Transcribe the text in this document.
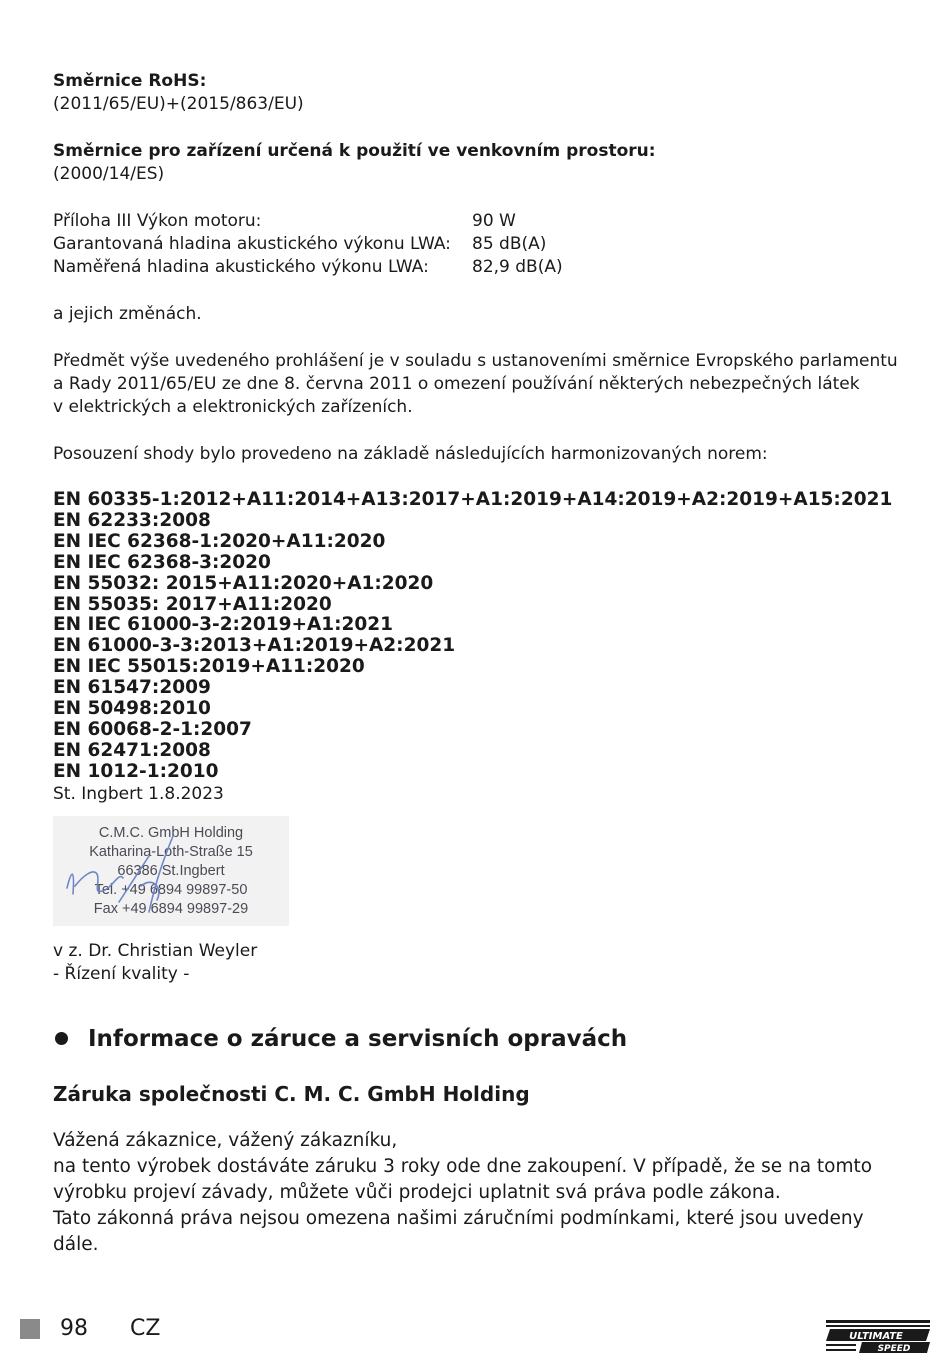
Směrnice RoHS:

(2011/65/EU)+(2015/863/EU)

Směrnice pro zařízení určená k použití ve venkovním prostoru:

(2000/14/ES)

Příloha III Výkon motoru:	90 W
Garantovaná hladina akustického výkonu LWA:	85 dB(A)
Naměřená hladina akustického výkonu LWA:	82,9 dB(A)

a jejich změnách.

Předmět výše uvedeného prohlášení je v souladu s ustanoveními směrnice Evropského parlamentu

a Rady 2011/65/EU ze dne 8. června 2011 o omezení používání některých nebezpečných látek

v elektrických a elektronických zařízeních.

Posouzení shody bylo provedeno na základě následujících harmonizovaných norem:

EN 60335-1:2012+A11:2014+A13:2017+A1:2019+A14:2019+A2:2019+A15:2021
EN 62233:2008
EN IEC 62368-1:2020+A11:2020
EN IEC 62368-3:2020
EN 55032: 2015+A11:2020+A1:2020
EN 55035: 2017+A11:2020
EN IEC 61000-3-2:2019+A1:2021
EN 61000-3-3:2013+A1:2019+A2:2021
EN IEC 55015:2019+A11:2020
EN 61547:2009
EN 50498:2010
EN 60068-2-1:2007
EN 62471:2008
EN 1012-1:2010

St. Ingbert 1.8.2023

C.M.C. GmbH Holding
Katharina-Loth-Straße 15
66386 St.Ingbert
Tel. +49 6894 99897-50
Fax +49 6894 99897-29

v z. Dr. Christian Weyler

- Řízení kvality -

Informace o záruce a servisních opravách
Záruka společnosti C. M. C. GmbH Holding
Vážená zákaznice, vážený zákazníku,
na tento výrobek dostáváte záruku 3 roky ode dne zakoupení. V případě, že se na tomto
výrobku projeví závady, můžete vůči prodejci uplatnit svá práva podle zákona.
Tato zákonná práva nejsou omezena našimi záručními podmínkami, které jsou uvedeny dále.
98 CZ	ULTIMATE
SPEED
